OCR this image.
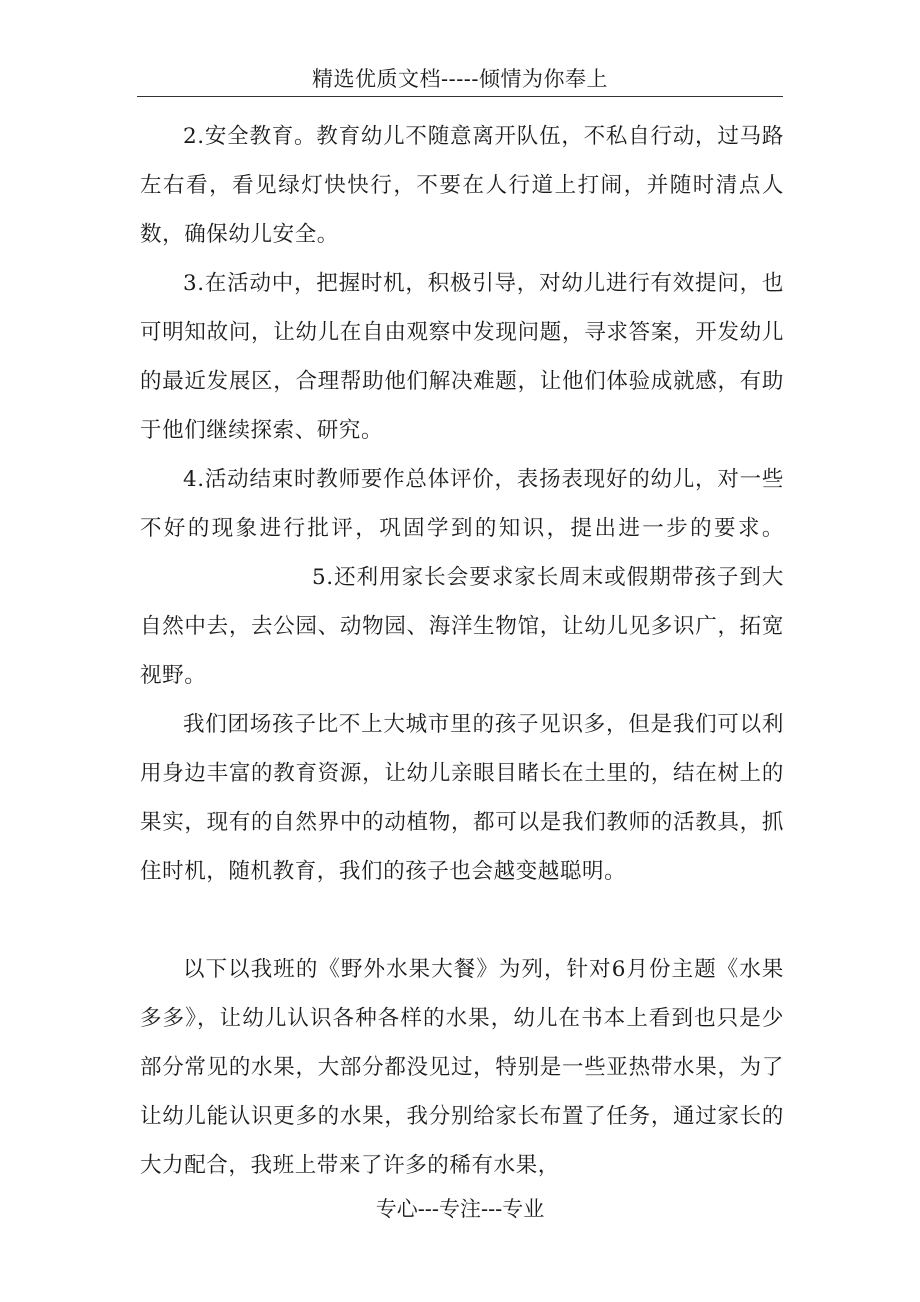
精选优质文档-----倾情为你奉上

2.安全教育。教育幼儿不随意离开队伍，不私自行动，过马路左右看，看见绿灯快快行，不要在人行道上打闹，并随时清点人数，确保幼儿安全。

3.在活动中，把握时机，积极引导，对幼儿进行有效提问，也可明知故问，让幼儿在自由观察中发现问题，寻求答案，开发幼儿的最近发展区，合理帮助他们解决难题，让他们体验成就感，有助于他们继续探索、研究。

4.活动结束时教师要作总体评价，表扬表现好的幼儿，对一些不好的现象进行批评，巩固学到的知识，提出进一步的要求。5.还利用家长会要求家长周末或假期带孩子到大自然中去，去公园、动物园、海洋生物馆，让幼儿见多识广，拓宽视野。

我们团场孩子比不上大城市里的孩子见识多，但是我们可以利用身边丰富的教育资源，让幼儿亲眼目睹长在土里的，结在树上的果实，现有的自然界中的动植物，都可以是我们教师的活教具，抓住时机，随机教育，我们的孩子也会越变越聪明。

以下以我班的《野外水果大餐》为列，针对6月份主题《水果多多》，让幼儿认识各种各样的水果，幼儿在书本上看到也只是少部分常见的水果，大部分都没见过，特别是一些亚热带水果，为了让幼儿能认识更多的水果，我分别给家长布置了任务，通过家长的大力配合，我班上带来了许多的稀有水果，

专心---专注---专业
